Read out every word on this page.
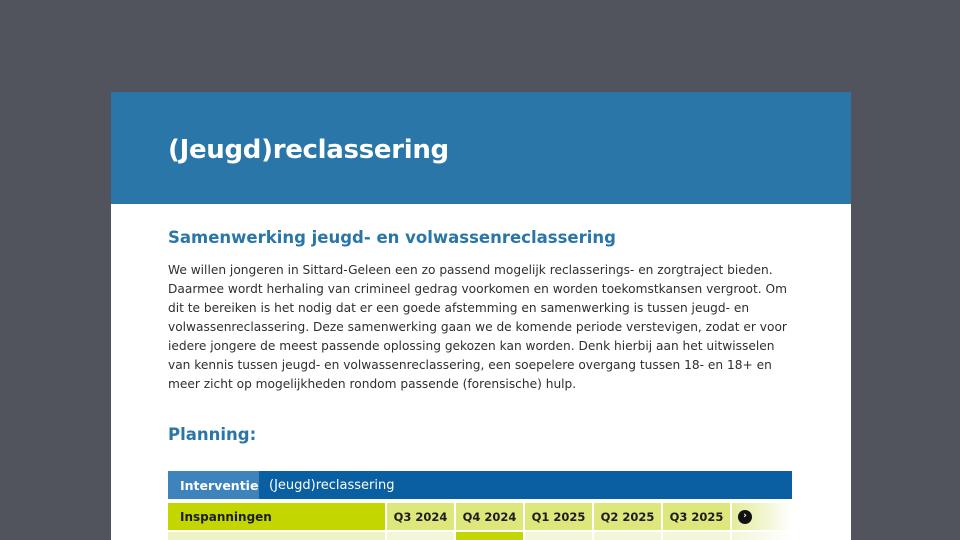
(Jeugd)reclassering
Samenwerking jeugd- en volwassenreclassering

We willen jongeren in Sittard-Geleen een zo passend mogelijk reclasserings- en zorgtraject bieden. Daarmee wordt herhaling van crimineel gedrag voorkomen en worden toekomstkansen vergroot. Om dit te bereiken is het nodig dat er een goede afstemming en samenwerking is tussen jeugd- en volwassenreclassering. Deze samenwerking gaan we de komende periode verstevigen, zodat er voor iedere jongere de meest passende oplossing gekozen kan worden. Denk hierbij aan het uitwisselen van kennis tussen jeugd- en volwassenreclassering, een soepelere overgang tussen 18- en 18+ en meer zicht op mogelijkheden rondom passende (forensische) hulp.

Planning:
Interventie (Jeugd)reclassering
Inspanningen	Q3 2024	Q4 2024	Q1 2025	Q2 2025	Q3 2025	›
